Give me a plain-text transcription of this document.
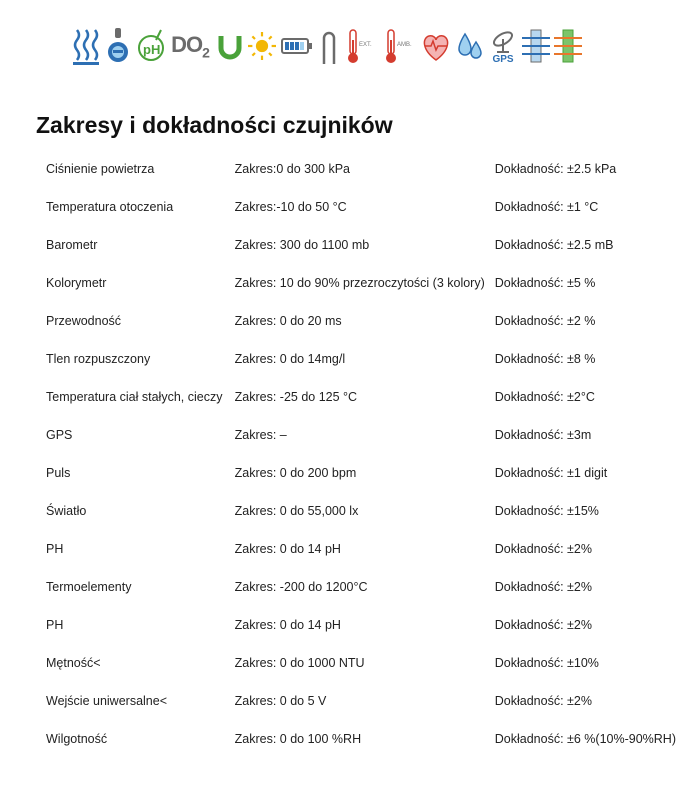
pH $DO_2$	EXT.	AMB.
GPS
Zakresy i dokładności czujników
Ciśnienie powietrza	Zakres:0 do 300 kPa	Dokładność: ±2.5 kPa
Temperatura otoczenia	Zakres:-10 do 50 °C	Dokładność: ±1 °C
Barometr	Zakres: 300 do 1100 mb	Dokładność: ±2.5 mB
Kolorymetr	Zakres: 10 do 90% przezroczytości (3 kolory)	Dokładność: ±5 %
Przewodność	Zakres: 0 do 20 ms	Dokładność: ±2 %
Tlen rozpuszczony	Zakres: 0 do 14mg/l	Dokładność: ±8 %
Temperatura ciał stałych, cieczy	Zakres: -25 do 125 °C	Dokładność: ±2°C
GPS	Zakres: –	Dokładność: ±3m
Puls	Zakres: 0 do 200 bpm	Dokładność: ±1 digit
Światło	Zakres: 0 do 55,000 lx	Dokładność: ±15%
PH	Zakres: 0 do 14 pH	Dokładność: ±2%
Termoelementy	Zakres: -200 do 1200°C	Dokładność: ±2%
PH	Zakres: 0 do 14 pH	Dokładność: ±2%
Mętność<	Zakres: 0 do 1000 NTU	Dokładność: ±10%
Wejście uniwersalne<	Zakres: 0 do 5 V	Dokładność: ±2%
Wilgotność	Zakres: 0 do 100 %RH	Dokładność: ±6 %(10%-90%RH)
